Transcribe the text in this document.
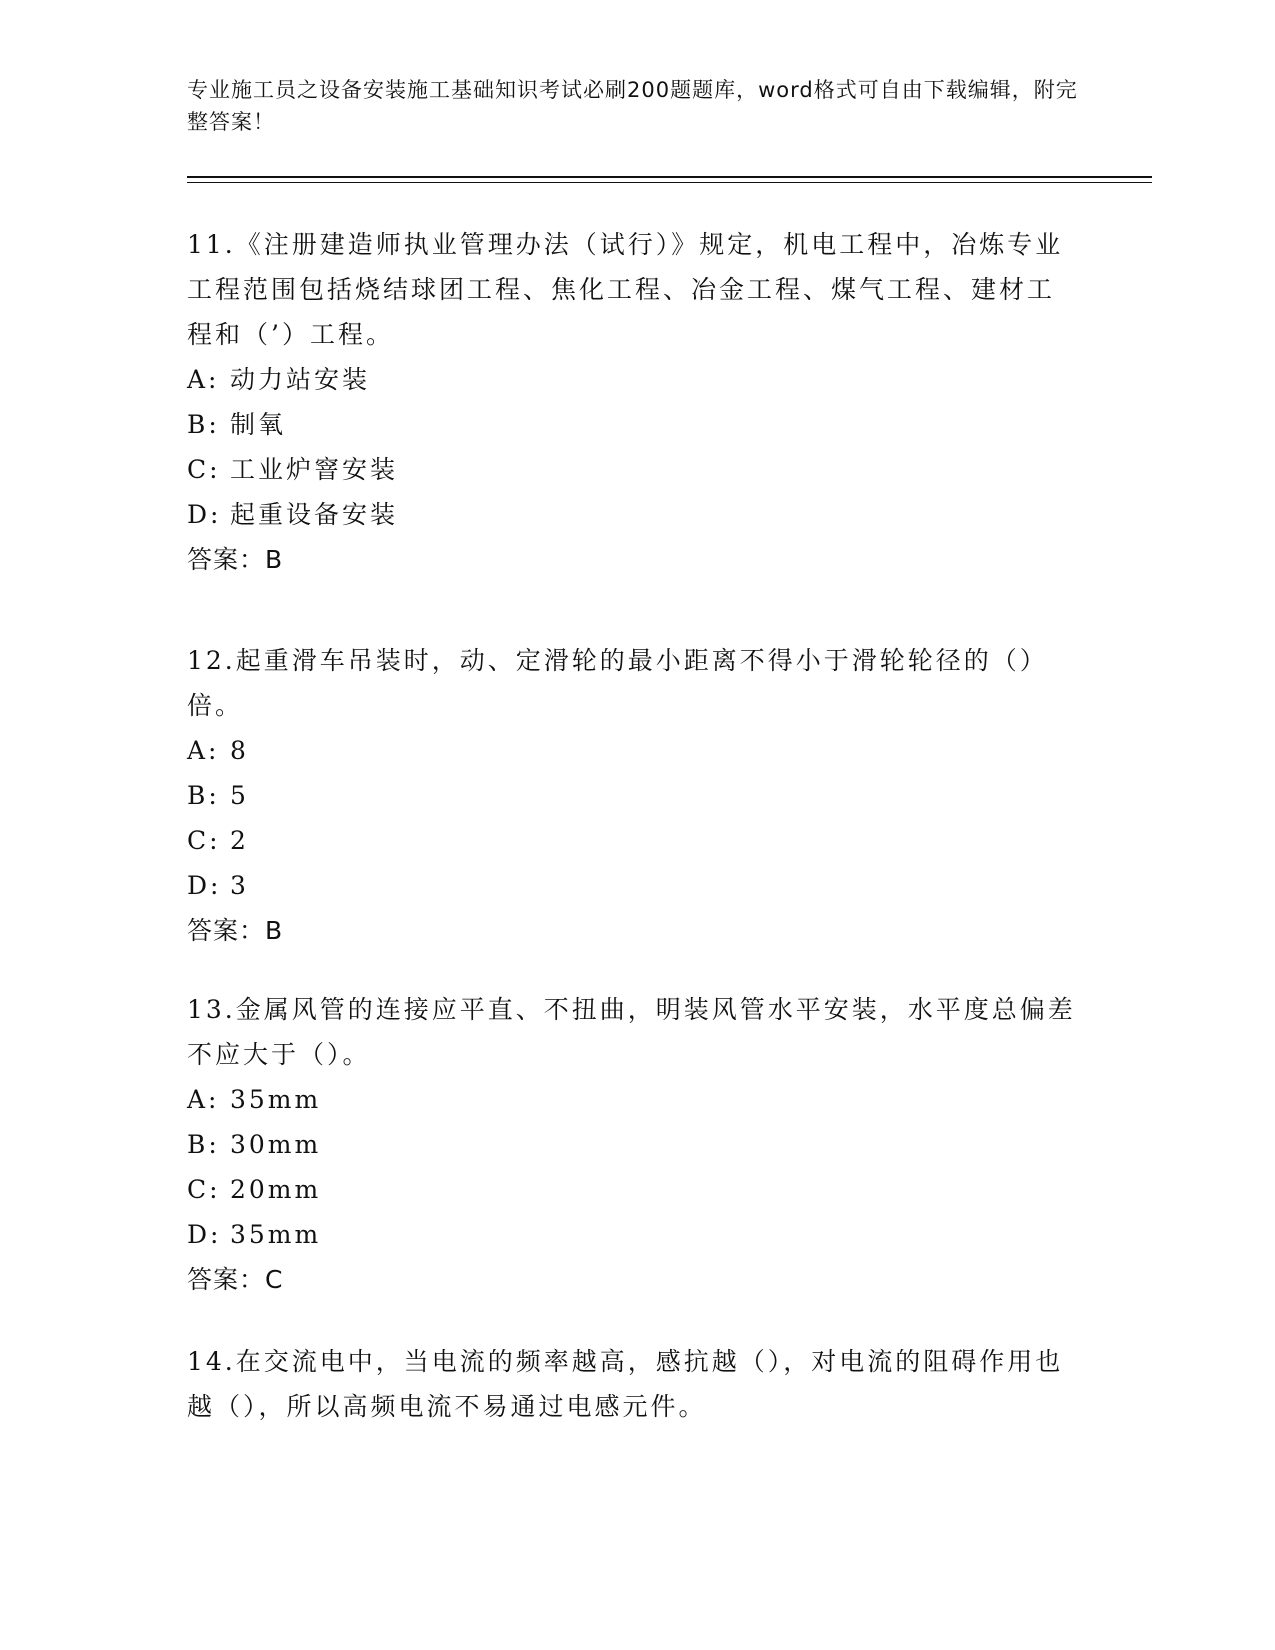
专业施工员之设备安装施工基础知识考试必刷200题题库，word格式可自由下载编辑，附完整答案！

11.《注册建造师执业管理办法（试行）》规定，机电工程中，冶炼专业工程范围包括烧结球团工程、焦化工程、冶金工程、煤气工程、建材工程和（’）工程。

A: 动力站安装
B: 制氧
C: 工业炉窨安装
D: 起重设备安装
答案：B

12.起重滑车吊装时，动、定滑轮的最小距离不得小于滑轮轮径的（）倍。

A: 8
B: 5
C: 2
D: 3
答案：B

13.金属风管的连接应平直、不扭曲，明装风管水平安装，水平度总偏差不应大于（）。

A: 35mm
B: 30mm
C: 20mm
D: 35mm
答案：C

14.在交流电中，当电流的频率越高，感抗越（），对电流的阻碍作用也越（），所以高频电流不易通过电感元件。
